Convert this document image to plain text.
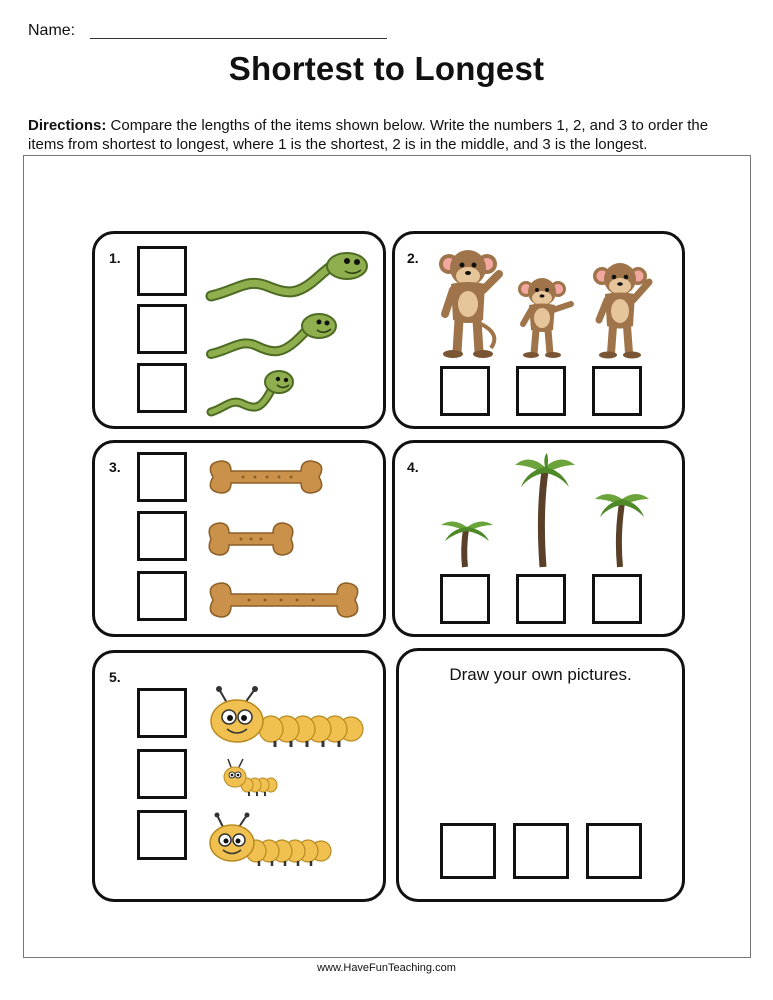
Name:
Shortest to Longest
Directions: Compare the lengths of the items shown below. Write the numbers 1, 2, and 3 to order the items from shortest to longest, where 1 is the shortest, 2 is in the middle, and 3 is the longest.
1.	2.
3.	4.
5.	Draw your own pictures.
www.HaveFunTeaching.com
